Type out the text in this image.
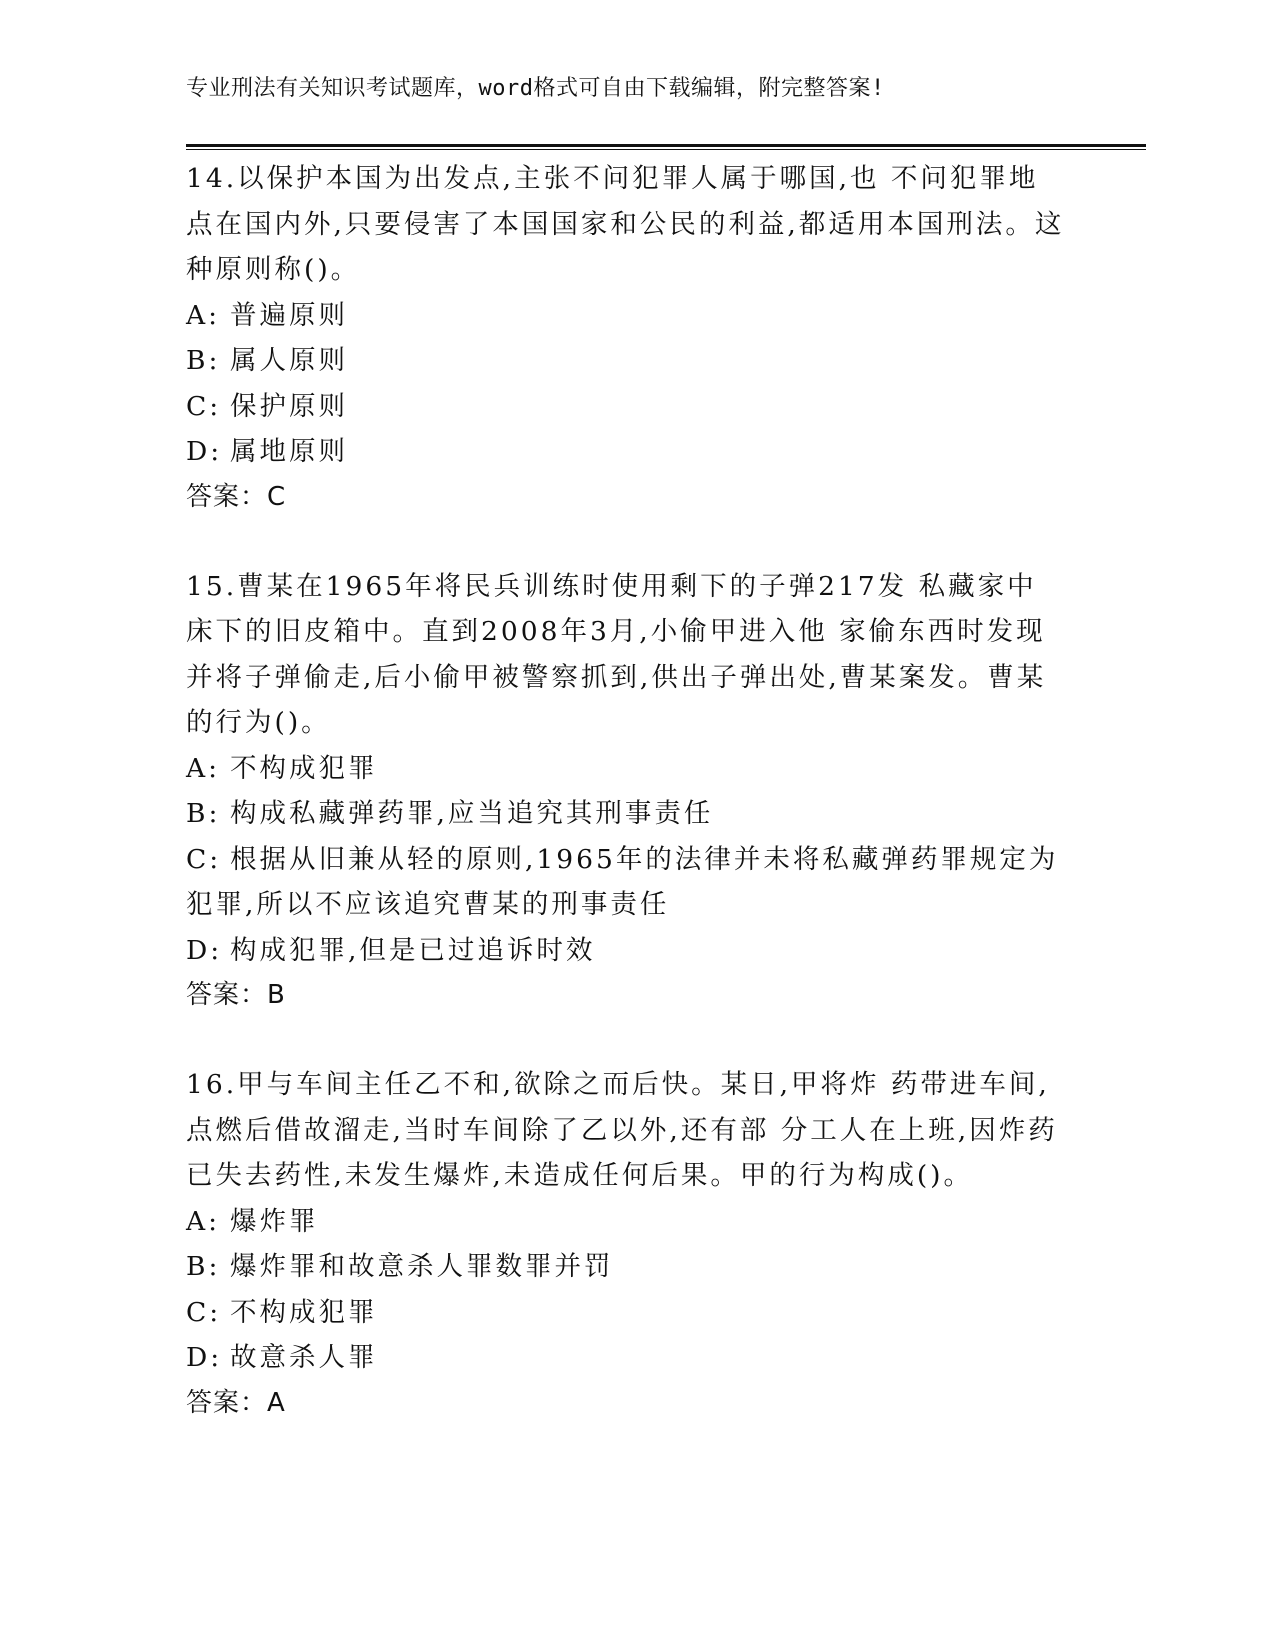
专业刑法有关知识考试题库，word格式可自由下载编辑，附完整答案!
14.以保护本国为出发点,主张不问犯罪人属于哪国,也 不问犯罪地点在国内外,只要侵害了本国国家和公民的利益,都适用本国刑法。这种原则称()。
A: 普遍原则
B: 属人原则
C: 保护原则
D: 属地原则
答案：C
15.曹某在1965年将民兵训练时使用剩下的子弹217发 私藏家中床下的旧皮箱中。直到2008年3月,小偷甲进入他 家偷东西时发现并将子弹偷走,后小偷甲被警察抓到,供出子弹出处,曹某案发。曹某的行为()。
A: 不构成犯罪
B: 构成私藏弹药罪,应当追究其刑事责任
C: 根据从旧兼从轻的原则,1965年的法律并未将私藏弹药罪规定为犯罪,所以不应该追究曹某的刑事责任
D: 构成犯罪,但是已过追诉时效
答案：B
16.甲与车间主任乙不和,欲除之而后快。某日,甲将炸 药带进车间,点燃后借故溜走,当时车间除了乙以外,还有部 分工人在上班,因炸药已失去药性,未发生爆炸,未造成任何后果。甲的行为构成()。
A: 爆炸罪
B: 爆炸罪和故意杀人罪数罪并罚
C: 不构成犯罪
D: 故意杀人罪
答案：A
